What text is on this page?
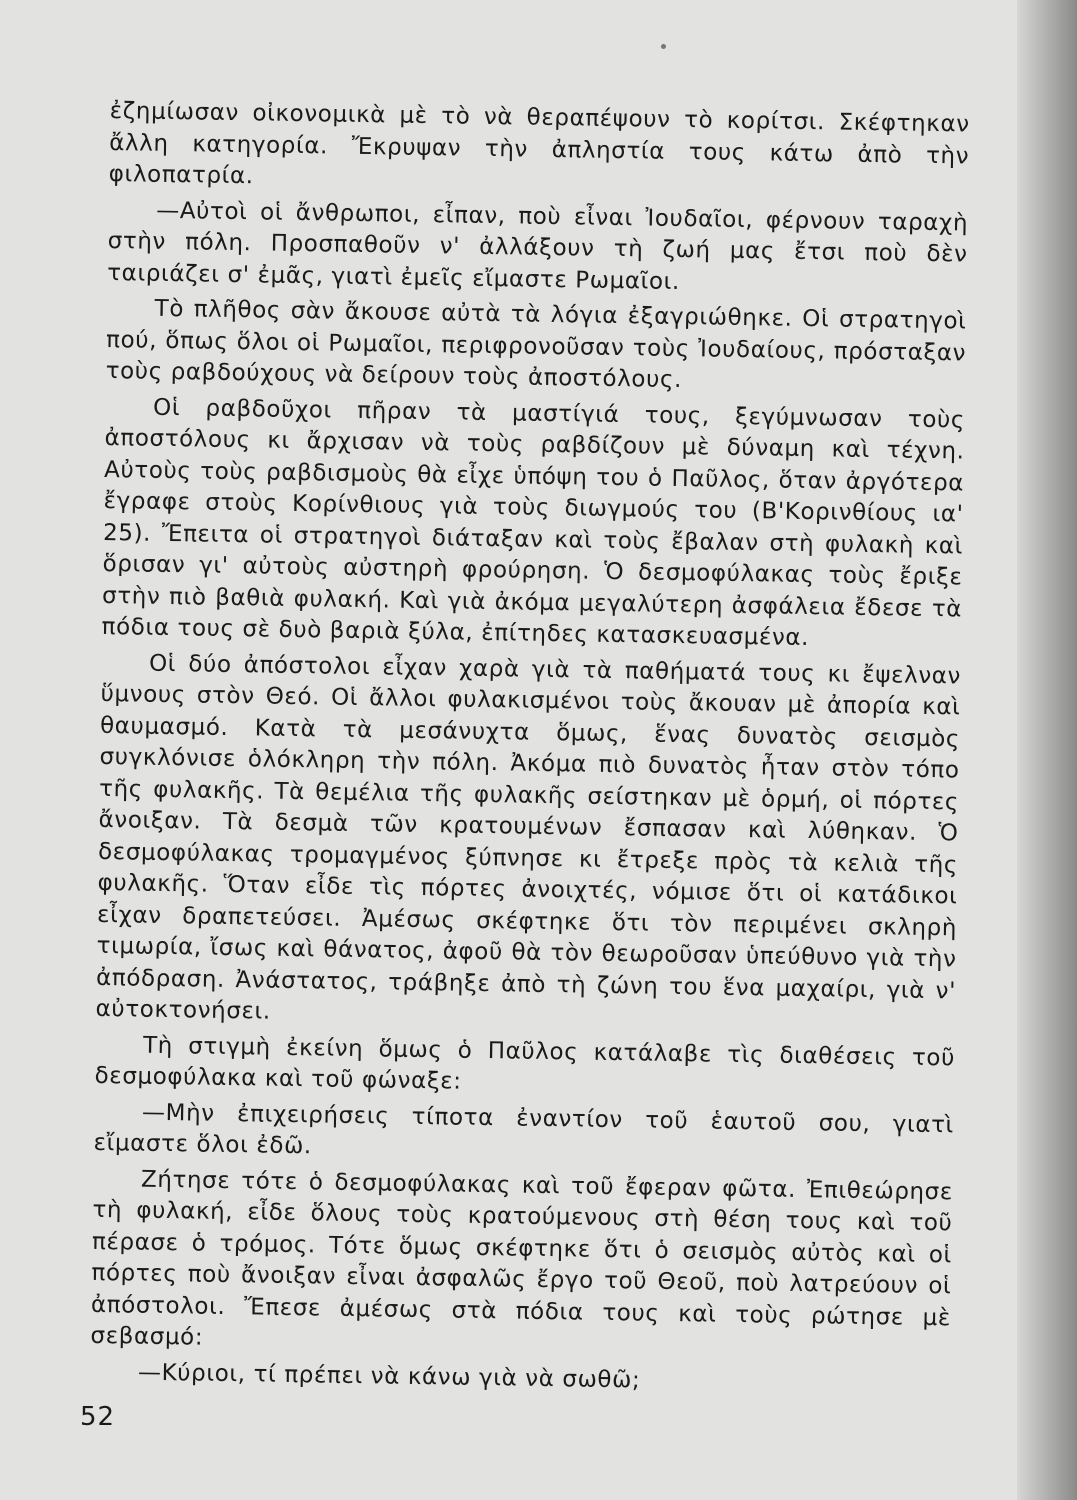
ἐζημίωσαν οἰκονομικὰ μὲ τὸ νὰ θεραπέψουν τὸ κορίτσι. Σκέφτηκαν ἄλλη κατηγορία. Ἔκρυψαν τὴν ἀπληστία τους κάτω ἀπὸ τὴν φιλοπατρία.

—Αὐτοὶ οἱ ἄνθρωποι, εἶπαν, ποὺ εἶναι Ἰουδαῖοι, φέρνουν ταραχὴ στὴν πόλη. Προσπαθοῦν ν' ἀλλάξουν τὴ ζωή μας ἔτσι ποὺ δὲν ταιριάζει σ' ἐμᾶς, γιατὶ ἐμεῖς εἴμαστε Ρωμαῖοι.

Τὸ πλῆθος σὰν ἄκουσε αὐτὰ τὰ λόγια ἐξαγριώθηκε. Οἱ στρατηγοὶ πού, ὅπως ὅλοι οἱ Ρωμαῖοι, περιφρονοῦσαν τοὺς Ἰουδαίους, πρόσταξαν τοὺς ραβδούχους νὰ δείρουν τοὺς ἀποστόλους.

Οἱ ραβδοῦχοι πῆραν τὰ μαστίγιά τους, ξεγύμνωσαν τοὺς ἀποστόλους κι ἄρχισαν νὰ τοὺς ραβδίζουν μὲ δύναμη καὶ τέχνη. Αὐτοὺς τοὺς ραβδισμοὺς θὰ εἶχε ὑπόψη του ὁ Παῦλος, ὅταν ἀργότερα ἔγραφε στοὺς Κορίνθιους γιὰ τοὺς διωγμούς του (Β'Κορινθίους ια' 25). Ἔπειτα οἱ στρατηγοὶ διάταξαν καὶ τοὺς ἔβαλαν στὴ φυλακὴ καὶ ὅρισαν γι' αὐτοὺς αὐστηρὴ φρούρηση. Ὁ δεσμοφύλακας τοὺς ἔριξε στὴν πιὸ βαθιὰ φυλακή. Καὶ γιὰ ἀκόμα μεγαλύτερη ἀσφάλεια ἔδεσε τὰ πόδια τους σὲ δυὸ βαριὰ ξύλα, ἐπίτηδες κατασκευασμένα.

Οἱ δύο ἀπόστολοι εἶχαν χαρὰ γιὰ τὰ παθήματά τους κι ἔψελναν ὕμνους στὸν Θεό. Οἱ ἄλλοι φυλακισμένοι τοὺς ἄκουαν μὲ ἀπορία καὶ θαυμασμό. Κατὰ τὰ μεσάνυχτα ὅμως, ἕνας δυνατὸς σεισμὸς συγκλόνισε ὁλόκληρη τὴν πόλη. Ἀκόμα πιὸ δυνατὸς ἦταν στὸν τόπο τῆς φυλακῆς. Τὰ θεμέλια τῆς φυλακῆς σείστηκαν μὲ ὁρμή, οἱ πόρτες ἄνοιξαν. Τὰ δεσμὰ τῶν κρατουμένων ἔσπασαν καὶ λύθηκαν. Ὁ δεσμοφύλακας τρομαγμένος ξύπνησε κι ἔτρεξε πρὸς τὰ κελιὰ τῆς φυλακῆς. Ὅταν εἶδε τὶς πόρτες ἀνοιχτές, νόμισε ὅτι οἱ κατάδικοι εἶχαν δραπετεύσει. Ἀμέσως σκέφτηκε ὅτι τὸν περιμένει σκληρὴ τιμωρία, ἴσως καὶ θάνατος, ἀφοῦ θὰ τὸν θεωροῦσαν ὑπεύθυνο γιὰ τὴν ἀπόδραση. Ἀνάστατος, τράβηξε ἀπὸ τὴ ζώνη του ἕνα μαχαίρι, γιὰ ν' αὐτοκτονήσει.

Τὴ στιγμὴ ἐκείνη ὅμως ὁ Παῦλος κατάλαβε τὶς διαθέσεις τοῦ δεσμοφύλακα καὶ τοῦ φώναξε:

—Μὴν ἐπιχειρήσεις τίποτα ἐναντίον τοῦ ἑαυτοῦ σου, γιατὶ εἴμαστε ὅλοι ἐδῶ.

Ζήτησε τότε ὁ δεσμοφύλακας καὶ τοῦ ἔφεραν φῶτα. Ἐπιθεώρησε τὴ φυλακή, εἶδε ὅλους τοὺς κρατούμενους στὴ θέση τους καὶ τοῦ πέρασε ὁ τρόμος. Τότε ὅμως σκέφτηκε ὅτι ὁ σεισμὸς αὐτὸς καὶ οἱ πόρτες ποὺ ἄνοιξαν εἶναι ἀσφαλῶς ἔργο τοῦ Θεοῦ, ποὺ λατρεύουν οἱ ἀπόστολοι. Ἔπεσε ἀμέσως στὰ πόδια τους καὶ τοὺς ρώτησε μὲ σεβασμό:

—Κύριοι, τί πρέπει νὰ κάνω γιὰ νὰ σωθῶ;

52
